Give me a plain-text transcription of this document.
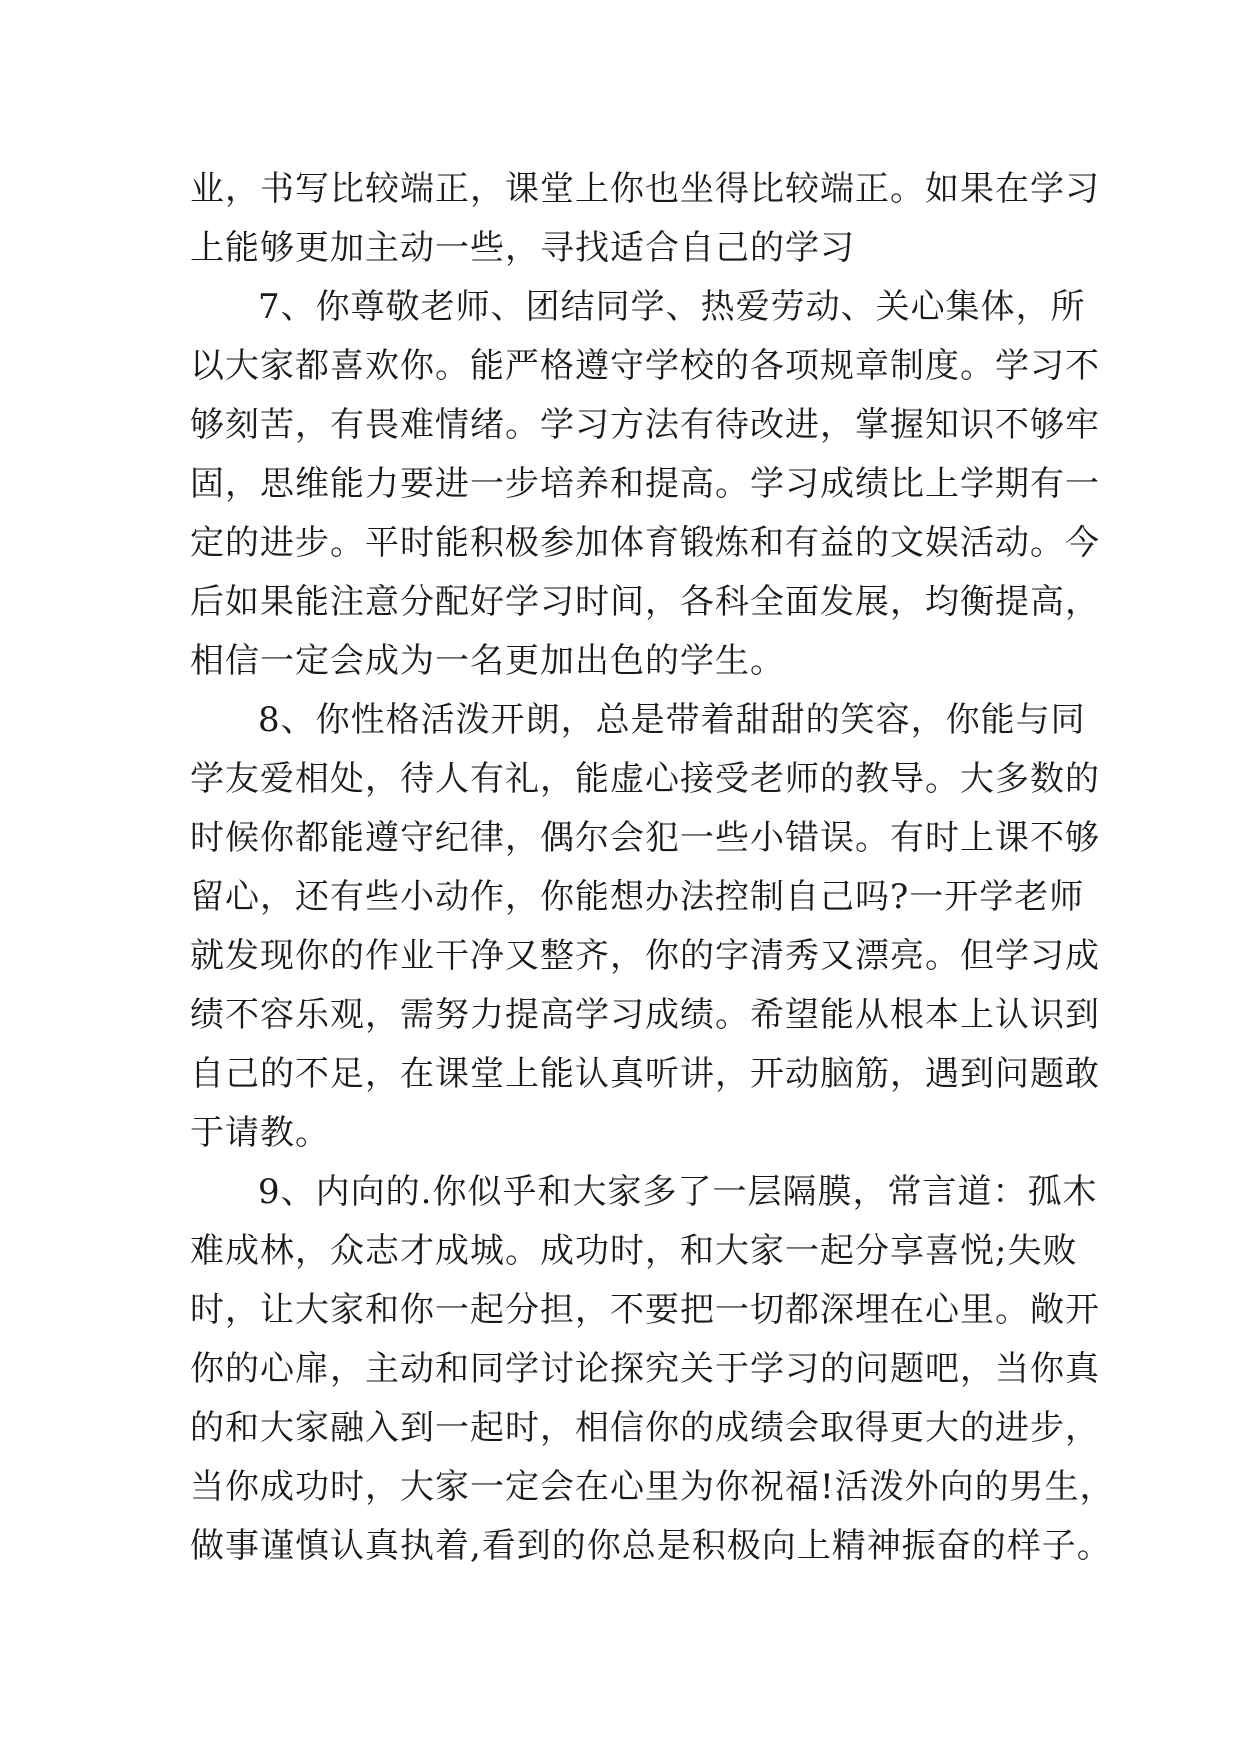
业，书写比较端正，课堂上你也坐得比较端正。如果在学习
上能够更加主动一些，寻找适合自己的学习
7、你尊敬老师、团结同学、热爱劳动、关心集体，所
以大家都喜欢你。能严格遵守学校的各项规章制度。学习不
够刻苦，有畏难情绪。学习方法有待改进，掌握知识不够牢
固，思维能力要进一步培养和提高。学习成绩比上学期有一
定的进步。平时能积极参加体育锻炼和有益的文娱活动。今
后如果能注意分配好学习时间，各科全面发展，均衡提高，
相信一定会成为一名更加出色的学生。
8、你性格活泼开朗，总是带着甜甜的笑容，你能与同
学友爱相处，待人有礼，能虚心接受老师的教导。大多数的
时候你都能遵守纪律，偶尔会犯一些小错误。有时上课不够
留心，还有些小动作，你能想办法控制自己吗?一开学老师
就发现你的作业干净又整齐，你的字清秀又漂亮。但学习成
绩不容乐观，需努力提高学习成绩。希望能从根本上认识到
自己的不足，在课堂上能认真听讲，开动脑筋，遇到问题敢
于请教。
9、内向的.你似乎和大家多了一层隔膜，常言道：孤木
难成林，众志才成城。成功时，和大家一起分享喜悦;失败
时，让大家和你一起分担，不要把一切都深埋在心里。敞开
你的心扉，主动和同学讨论探究关于学习的问题吧，当你真
的和大家融入到一起时，相信你的成绩会取得更大的进步，
当你成功时，大家一定会在心里为你祝福!活泼外向的男生，
做事谨慎认真执着,看到的你总是积极向上精神振奋的样子。
